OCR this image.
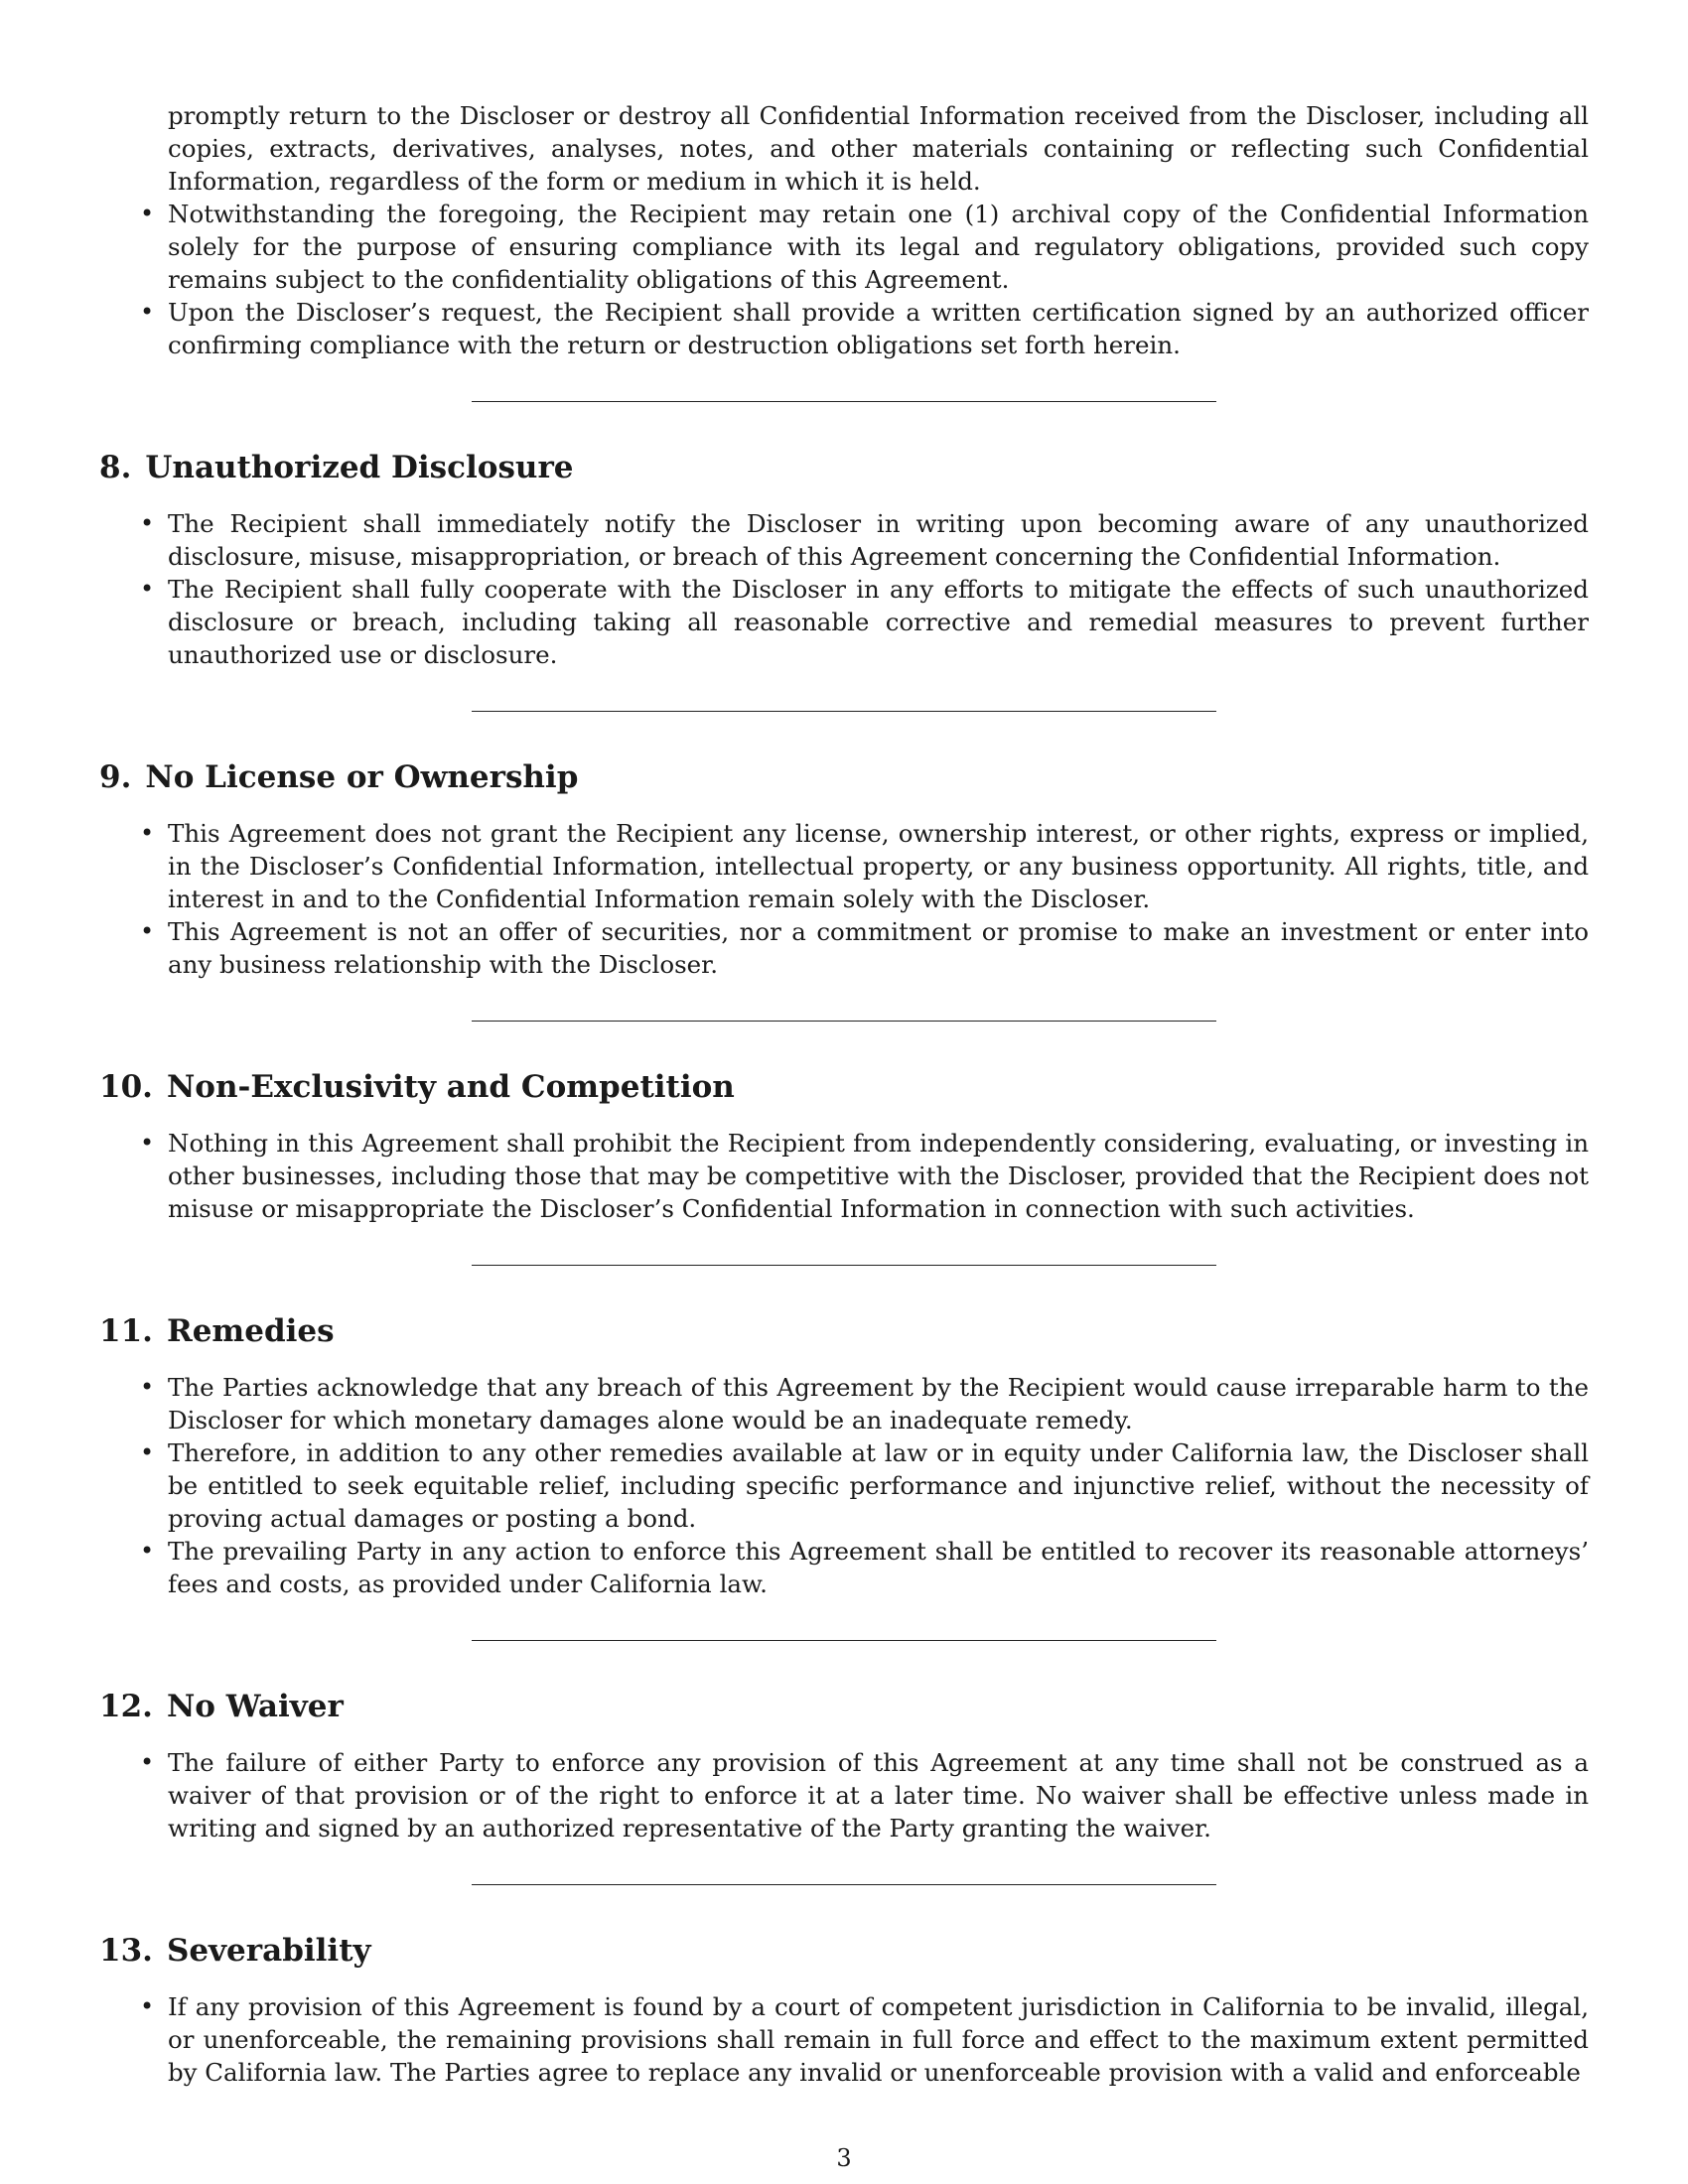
promptly return to the Discloser or destroy all Confidential Information received from the Discloser, including all copies, extracts, derivatives, analyses, notes, and other materials containing or reflecting such Confidential Information, regardless of the form or medium in which it is held.
• Notwithstanding the foregoing, the Recipient may retain one (1) archival copy of the Confidential Information solely for the purpose of ensuring compliance with its legal and regulatory obligations, provided such copy remains subject to the confidentiality obligations of this Agreement.
• Upon the Discloser’s request, the Recipient shall provide a written certification signed by an authorized officer confirming compliance with the return or destruction obligations set forth herein.
8. Unauthorized Disclosure
• The Recipient shall immediately notify the Discloser in writing upon becoming aware of any unauthorized disclosure, misuse, misappropriation, or breach of this Agreement concerning the Confidential Information.
• The Recipient shall fully cooperate with the Discloser in any efforts to mitigate the effects of such unauthorized disclosure or breach, including taking all reasonable corrective and remedial measures to prevent further unauthorized use or disclosure.
9. No License or Ownership
• This Agreement does not grant the Recipient any license, ownership interest, or other rights, express or implied, in the Discloser’s Confidential Information, intellectual property, or any business opportunity. All rights, title, and interest in and to the Confidential Information remain solely with the Discloser.
• This Agreement is not an offer of securities, nor a commitment or promise to make an investment or enter into any business relationship with the Discloser.
10. Non-Exclusivity and Competition
• Nothing in this Agreement shall prohibit the Recipient from independently considering, evaluating, or investing in other businesses, including those that may be competitive with the Discloser, provided that the Recipient does not misuse or misappropriate the Discloser’s Confidential Information in connection with such activities.
11. Remedies
• The Parties acknowledge that any breach of this Agreement by the Recipient would cause irreparable harm to the Discloser for which monetary damages alone would be an inadequate remedy.
• Therefore, in addition to any other remedies available at law or in equity under California law, the Discloser shall be entitled to seek equitable relief, including specific performance and injunctive relief, without the necessity of proving actual damages or posting a bond.
• The prevailing Party in any action to enforce this Agreement shall be entitled to recover its reasonable attorneys’ fees and costs, as provided under California law.
12. No Waiver
• The failure of either Party to enforce any provision of this Agreement at any time shall not be construed as a waiver of that provision or of the right to enforce it at a later time. No waiver shall be effective unless made in writing and signed by an authorized representative of the Party granting the waiver.
13. Severability
• If any provision of this Agreement is found by a court of competent jurisdiction in California to be invalid, illegal, or unenforceable, the remaining provisions shall remain in full force and effect to the maximum extent permitted by California law. The Parties agree to replace any invalid or unenforceable provision with a valid and enforceable
3
